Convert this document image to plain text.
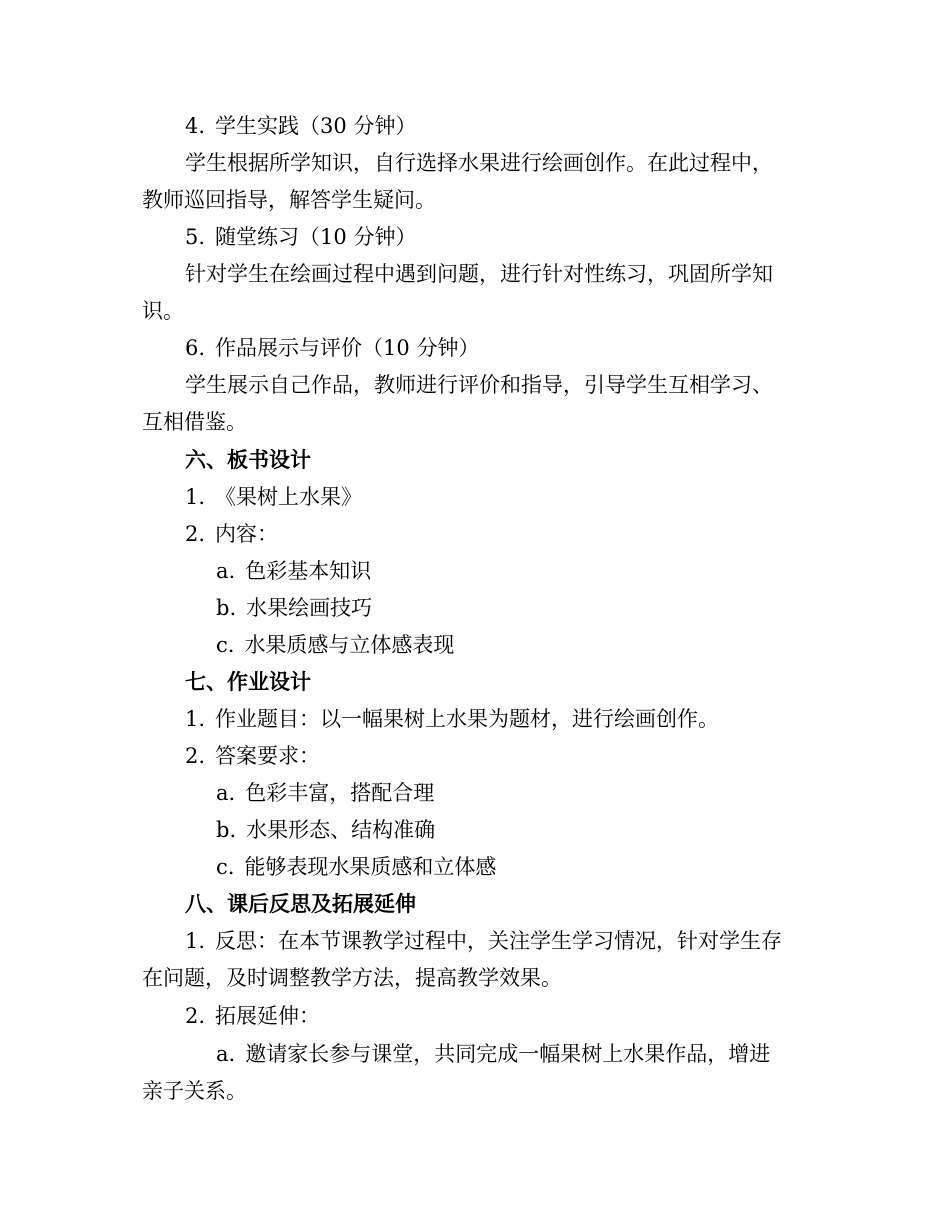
4. 学生实践（30 分钟）
学生根据所学知识，自行选择水果进行绘画创作。在此过程中，
教师巡回指导，解答学生疑问。
5. 随堂练习（10 分钟）
针对学生在绘画过程中遇到问题，进行针对性练习，巩固所学知
识。
6. 作品展示与评价（10 分钟）
学生展示自己作品，教师进行评价和指导，引导学生互相学习、
互相借鉴。
六、板书设计
1. 《果树上水果》
2. 内容：
a. 色彩基本知识
b. 水果绘画技巧
c. 水果质感与立体感表现
七、作业设计
1. 作业题目：以一幅果树上水果为题材，进行绘画创作。
2. 答案要求：
a. 色彩丰富，搭配合理
b. 水果形态、结构准确
c. 能够表现水果质感和立体感
八、课后反思及拓展延伸
1. 反思：在本节课教学过程中，关注学生学习情况，针对学生存
在问题，及时调整教学方法，提高教学效果。
2. 拓展延伸：
a. 邀请家长参与课堂，共同完成一幅果树上水果作品，增进
亲子关系。
